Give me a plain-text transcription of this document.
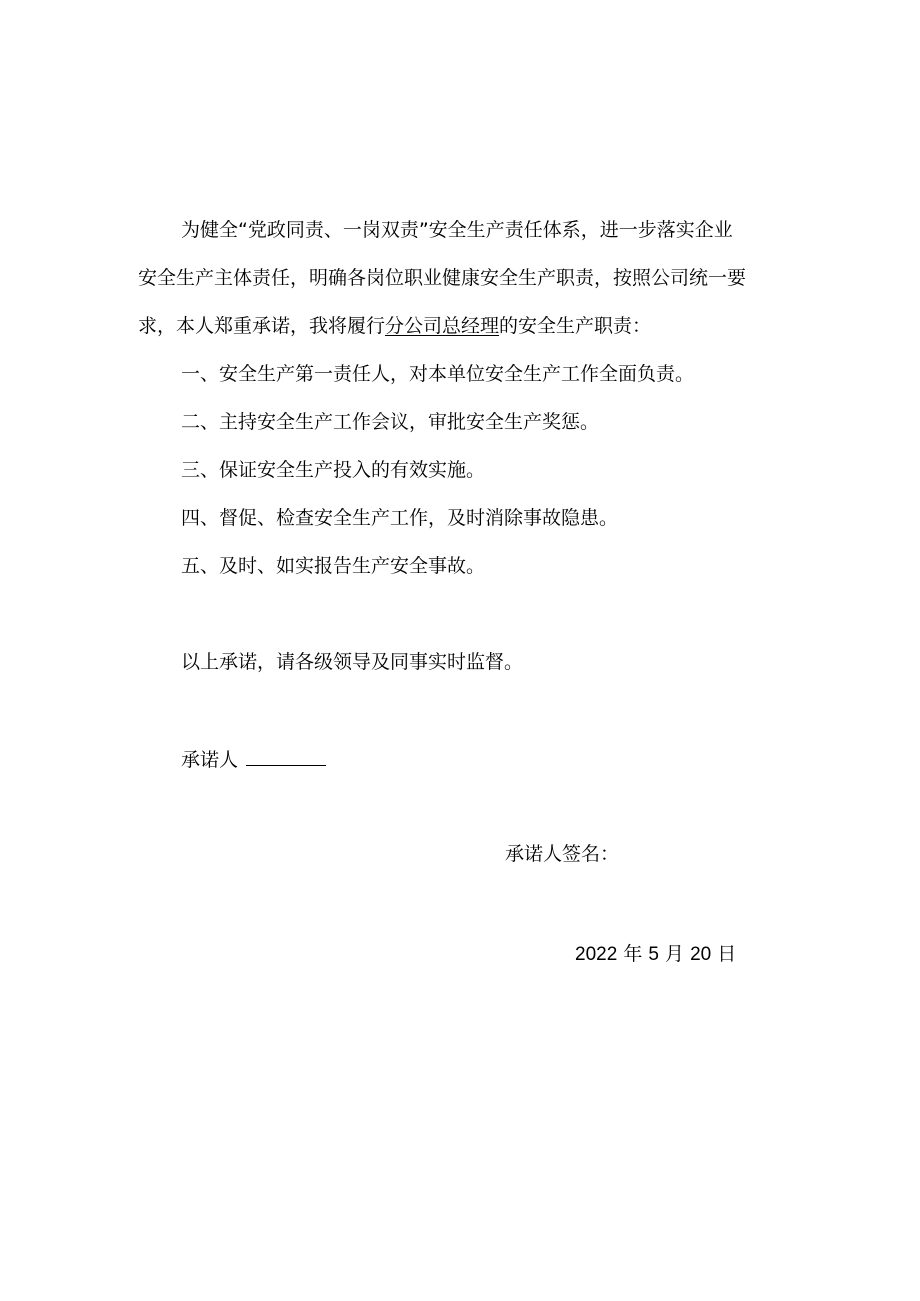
为健全“党政同责、一岗双责”安全生产责任体系，进一步落实企业

安全生产主体责任，明确各岗位职业健康安全生产职责，按照公司统一要

求，本人郑重承诺，我将履行分公司总经理的安全生产职责：

一、安全生产第一责任人，对本单位安全生产工作全面负责。

二、主持安全生产工作会议，审批安全生产奖惩。

三、保证安全生产投入的有效实施。

四、督促、检查安全生产工作，及时消除事故隐患。

五、及时、如实报告生产安全事故。

以上承诺，请各级领导及同事实时监督。

承诺人

承诺人签名：

2022 年 5 月 20 日
